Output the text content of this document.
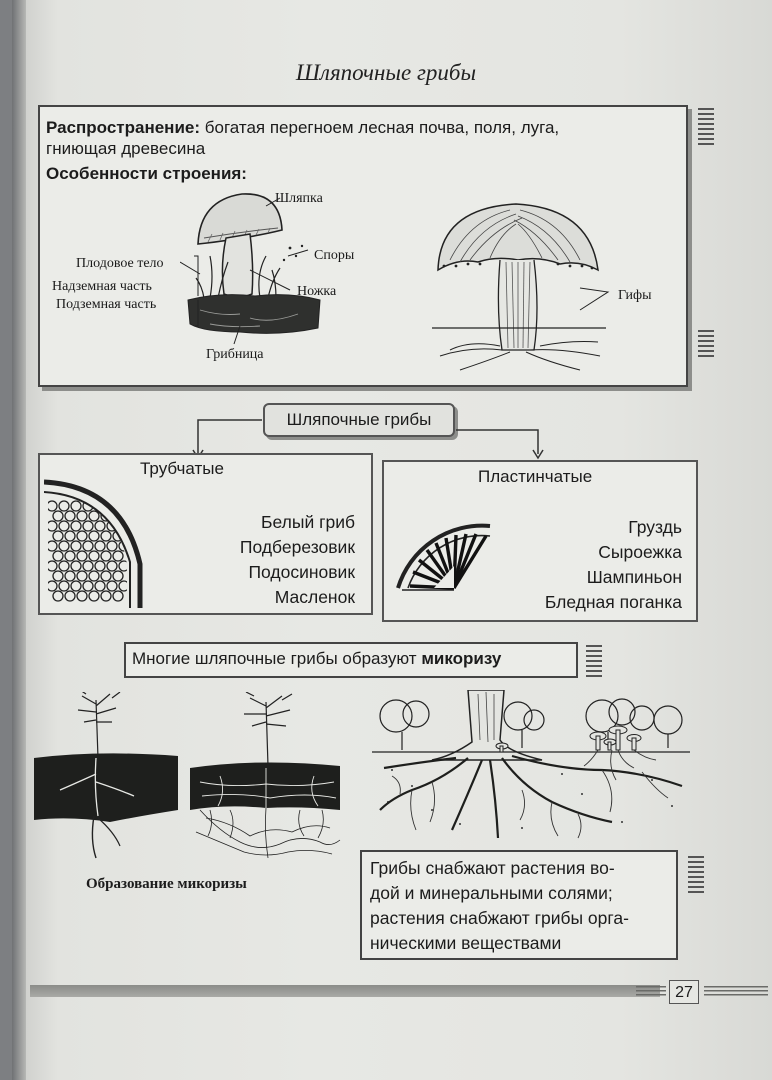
Шляпочные грибы
Распространение: богатая перегноем лесная почва, поля, луга,
гниющая древесина
Особенности строения:
Шляпка
Споры
Плодовое тело
Ножка
Надземная часть
Подземная часть
Грибница
Гифы
Шляпочные грибы
Трубчатые
Белый гриб
Подберезовик
Подосиновик
Масленок
Пластинчатые
Груздь
Сыроежка
Шампиньон
Бледная поганка
Многие шляпочные грибы образуют микоризу
Образование микоризы
Грибы снабжают растения во-
дой и минеральными солями;
растения снабжают грибы орга-
ническими веществами
27
